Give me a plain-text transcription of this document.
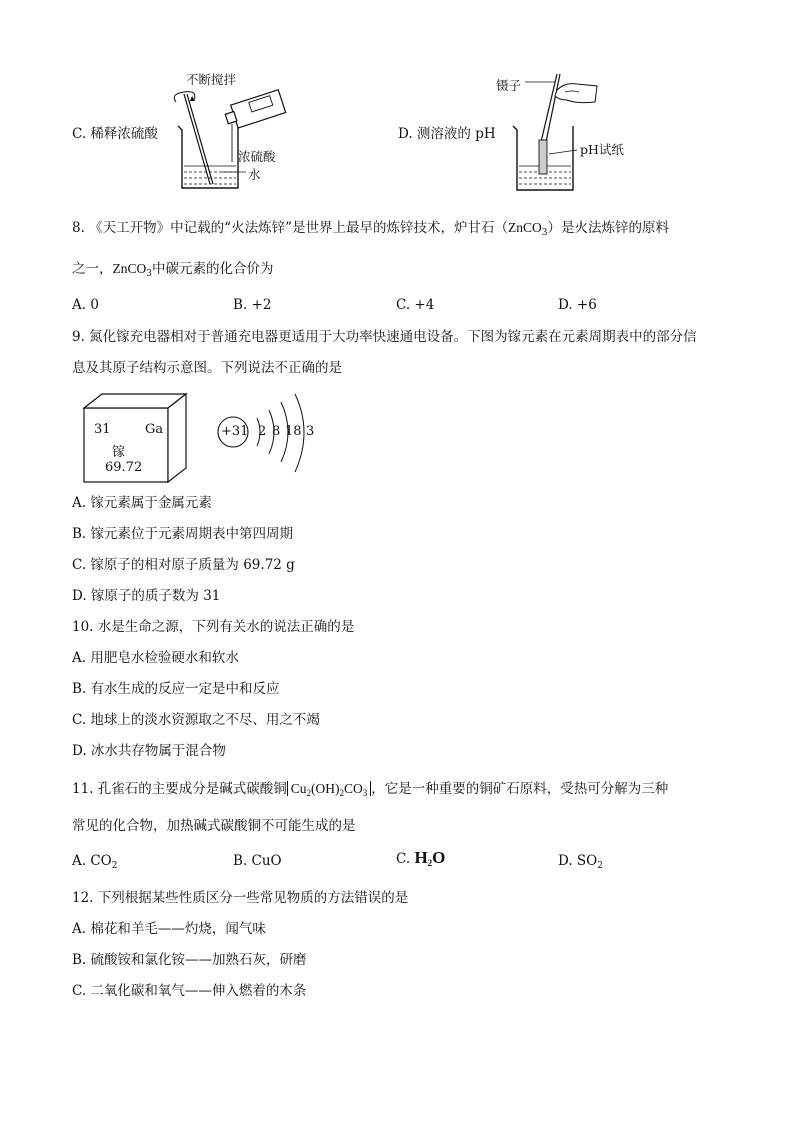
C. 稀释浓硫酸
不断搅拌
浓硫酸
水
D. 测溶液的 pH
镊子
pH试纸
8. 《天工开物》中记载的“火法炼锌”是世界上最早的炼锌技术，炉甘石（ZnCO$_3$）是火法炼锌的原料
之一，ZnCO$_3$中碳元素的化合价为
A. 0	B. +2	C. +4	D. +6
9. 氮化镓充电器相对于普通充电器更适用于大功率快速通电设备。下图为镓元素在元素周期表中的部分信
息及其原子结构示意图。下列说法不正确的是
31	Ga
镓
69.72
+31 2 8 18 3
A. 镓元素属于金属元素
B. 镓元素位于元素周期表中第四周期
C. 镓原子的相对原子质量为 69.72 g
D. 镓原子的质子数为 31
10. 水是生命之源，下列有关水的说法正确的是
A. 用肥皂水检验硬水和软水
B. 有水生成的反应一定是中和反应
C. 地球上的淡水资源取之不尽、用之不竭
D. 冰水共存物属于混合物
11. 孔雀石的主要成分是碱式碳酸铜 $Cu_2(OH)_2CO_3$ ，它是一种重要的铜矿石原料，受热可分解为三种
常见的化合物，加热碱式碳酸铜不可能生成的是
A. $CO_2$	B. CuO	C. $H_2O$	D. $SO_2$
12. 下列根据某些性质区分一些常见物质的方法错误的是
A. 棉花和羊毛——灼烧，闻气味
B. 硫酸铵和氯化铵——加熟石灰，研磨
C. 二氧化碳和氧气——伸入燃着的木条
